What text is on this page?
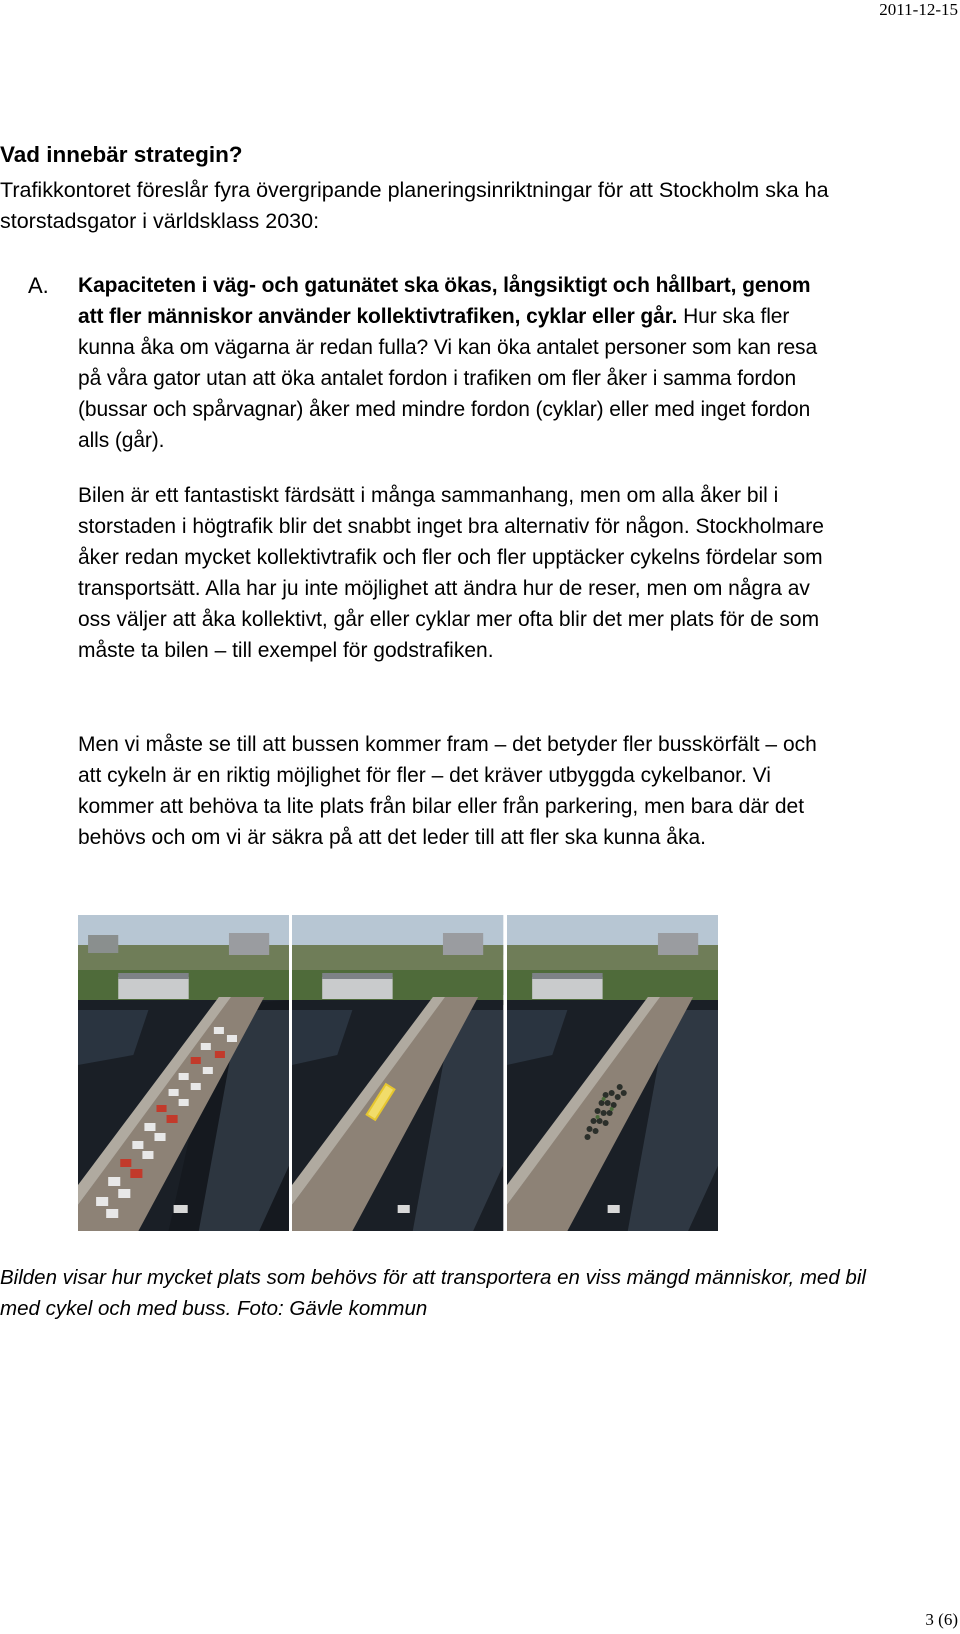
2011-12-15
Vad innebär strategin?

Trafikkontoret föreslår fyra övergripande planeringsinriktningar för att Stockholm ska ha storstadsgator i världsklass 2030:

A. Kapaciteten i väg- och gatunätet ska ökas, långsiktigt och hållbart, genom att fler människor använder kollektivtrafiken, cyklar eller går. Hur ska fler kunna åka om vägarna är redan fulla? Vi kan öka antalet personer som kan resa på våra gator utan att öka antalet fordon i trafiken om fler åker i samma fordon (bussar och spårvagnar) åker med mindre fordon (cyklar) eller med inget fordon alls (går).

Bilen är ett fantastiskt färdsätt i många sammanhang, men om alla åker bil i storstaden i högtrafik blir det snabbt inget bra alternativ för någon. Stockholmare åker redan mycket kollektivtrafik och fler och fler upptäcker cykelns fördelar som transportsätt. Alla har ju inte möjlighet att ändra hur de reser, men om några av oss väljer att åka kollektivt, går eller cyklar mer ofta blir det mer plats för de som måste ta bilen – till exempel för godstrafiken.

Men vi måste se till att bussen kommer fram – det betyder fler busskörfält – och att cykeln är en riktig möjlighet för fler – det kräver utbyggda cykelbanor. Vi kommer att behöva ta lite plats från bilar eller från parkering, men bara där det behövs och om vi är säkra på att det leder till att fler ska kunna åka.

Bilden visar hur mycket plats som behövs för att transportera en viss mängd människor, med bil med cykel och med buss. Foto: Gävle kommun

3 (6)
